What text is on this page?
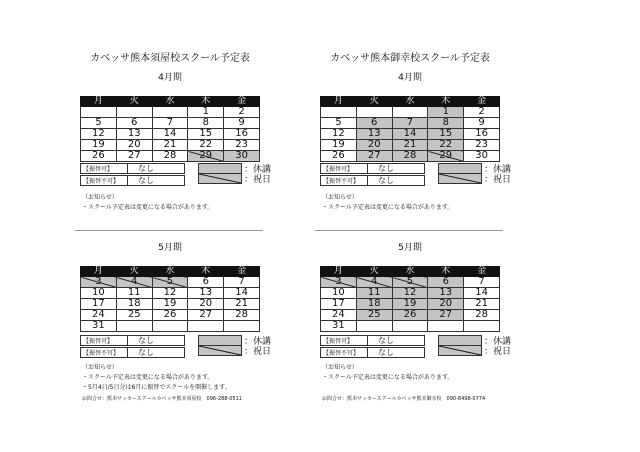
カベッサ熊本須屋校スクール予定表

4月期

月	火	水	木	金
			1	2
5	6	7	8	9
12	13	14	15	16
19	20	21	22	23
26	27	28	29	30
【振替可】	なし
【振替不可】	なし
：休講
：祝日
（お知らせ）
・スクール予定表は変更になる場合があります。

5月期

月	火	水	木	金
3	4	5	6	7
10	11	12	13	14
17	18	19	20	21
24	25	26	27	28
31				
【振替可】	なし
【振替不可】	なし
：休講
：祝日
（お知らせ）
・スクール予定表は変更になる場合があります。
・5月4日/5日分は6月に振替でスクールを開催します。
お問合せ：熊本サッカースクールカベッサ熊本須屋校　096-288-0511

カベッサ熊本御幸校スクール予定表

4月期

月	火	水	木	金
			1	2
5	6	7	8	9
12	13	14	15	16
19	20	21	22	23
26	27	28	29	30
【振替可】	なし
【振替不可】	なし
：休講
：祝日
（お知らせ）
・スクール予定表は変更になる場合があります。

5月期

月	火	水	木	金
3	4	5	6	7
10	11	12	13	14
17	18	19	20	21
24	25	26	27	28
31				
【振替可】	なし
【振替不可】	なし
：休講
：祝日
（お知らせ）
・スクール予定表は変更になる場合があります。
お問合せ：熊本サッカースクールカベッサ熊本御幸校　090-8498-0774
